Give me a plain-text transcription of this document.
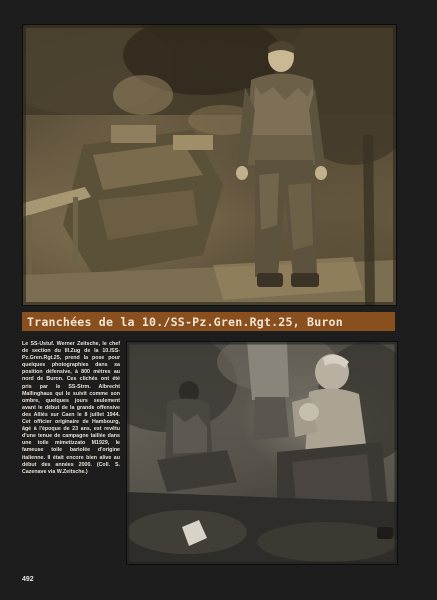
Tranchées de la 10./SS-Pz.Gren.Rgt.25, Buron
Le SS-Ustuf. Werner Zeitsche, le chef de section du III.Zug de la 10./SS-Pz.Gren.Rgt.25, prend la pose pour quelques photographies dans sa position défensive, à 800 mètres au nord de Buron. Ces clichés ont été pris par le SS-Strm. Albrecht Mallinghaus qui le suivit comme son ombre, quelques jours seulement avant le début de la grande offensive des Alliés sur Caen le 8 juillet 1944. Cet officier originaire de Hambourg, âgé à l'époque de 23 ans, est revêtu d'une tenue de campagne taillée dans une toile mimetizzato M1929, le fameuse toile bariolée d'origine italienne. Il était encore bien alive au début des années 2000. (Coll. S. Cazenave via W.Zeitsche.)
492
